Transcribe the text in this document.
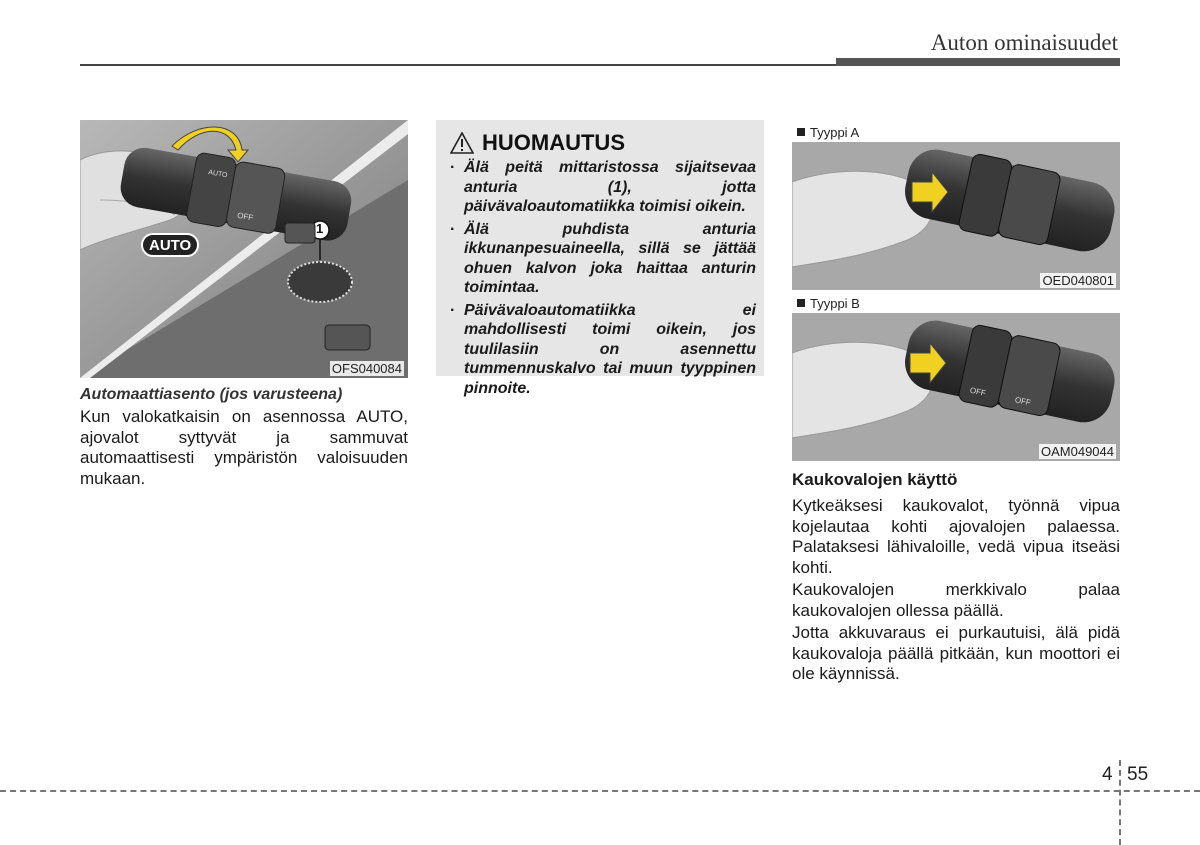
Auton ominaisuudet
AUTO
OFF
AUTO
1
OFS040084
Automaattiasento (jos varusteena)

Kun valokatkaisin on asennossa AUTO, ajovalot syttyvät ja sammuvat automaattisesti ympäristön valoisuuden mukaan.

HUOMAUTUS
· Älä peitä mittaristossa sijaitsevaa anturia (1), jotta päivävaloautomatiikka toimisi oikein.
· Älä puhdista anturia ikkunanpesuaineella, sillä se jättää ohuen kalvon joka haittaa anturin toimintaa.
· Päivävaloautomatiikka ei mahdollisesti toimi oikein, jos tuulilasiin on asennettu tummennuskalvo tai muun tyyppinen pinnoite.
Tyyppi A
OED040801
Tyyppi B
OFF
OFF
OAM049044
Kaukovalojen käyttö

Kytkeäksesi kaukovalot, työnnä vipua kojelautaa kohti ajovalojen palaessa. Palataksesi lähivaloille, vedä vipua itseäsi kohti.

Kaukovalojen merkkivalo palaa kaukovalojen ollessa päällä.

Jotta akkuvaraus ei purkautuisi, älä pidä kaukovaloja päällä pitkään, kun moottori ei ole käynnissä.

4 55
